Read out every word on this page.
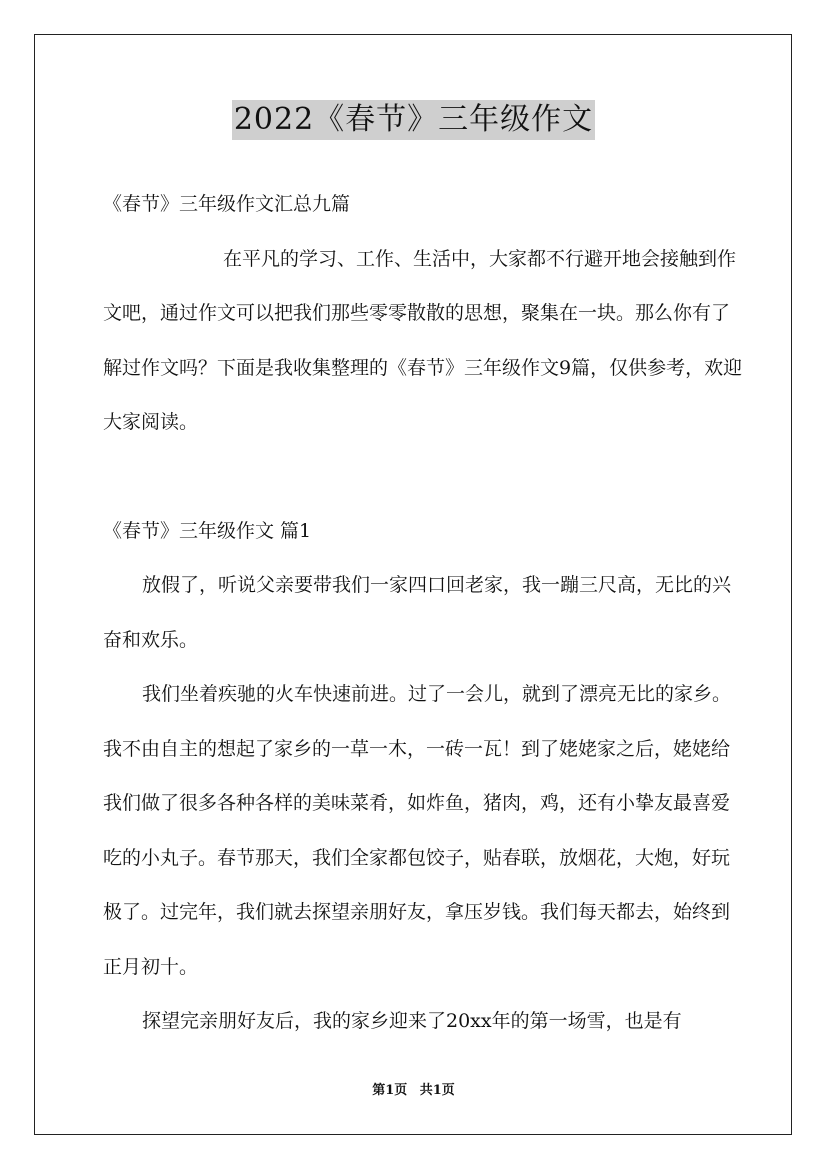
2022《春节》三年级作文

《春节》三年级作文汇总九篇

在平凡的学习、工作、生活中，大家都不行避开地会接触到作文吧，通过作文可以把我们那些零零散散的思想，聚集在一块。那么你有了解过作文吗？下面是我收集整理的《春节》三年级作文9篇，仅供参考，欢迎大家阅读。

《春节》三年级作文 篇1

放假了，听说父亲要带我们一家四口回老家，我一蹦三尺高，无比的兴奋和欢乐。

我们坐着疾驰的火车快速前进。过了一会儿，就到了漂亮无比的家乡。我不由自主的想起了家乡的一草一木，一砖一瓦！到了姥姥家之后，姥姥给我们做了很多各种各样的美味菜肴，如炸鱼，猪肉，鸡，还有小挚友最喜爱吃的小丸子。春节那天，我们全家都包饺子，贴春联，放烟花，大炮，好玩极了。过完年，我们就去探望亲朋好友，拿压岁钱。我们每天都去，始终到正月初十。

探望完亲朋好友后，我的家乡迎来了20xx年的第一场雪，也是有

第1页 共1页
